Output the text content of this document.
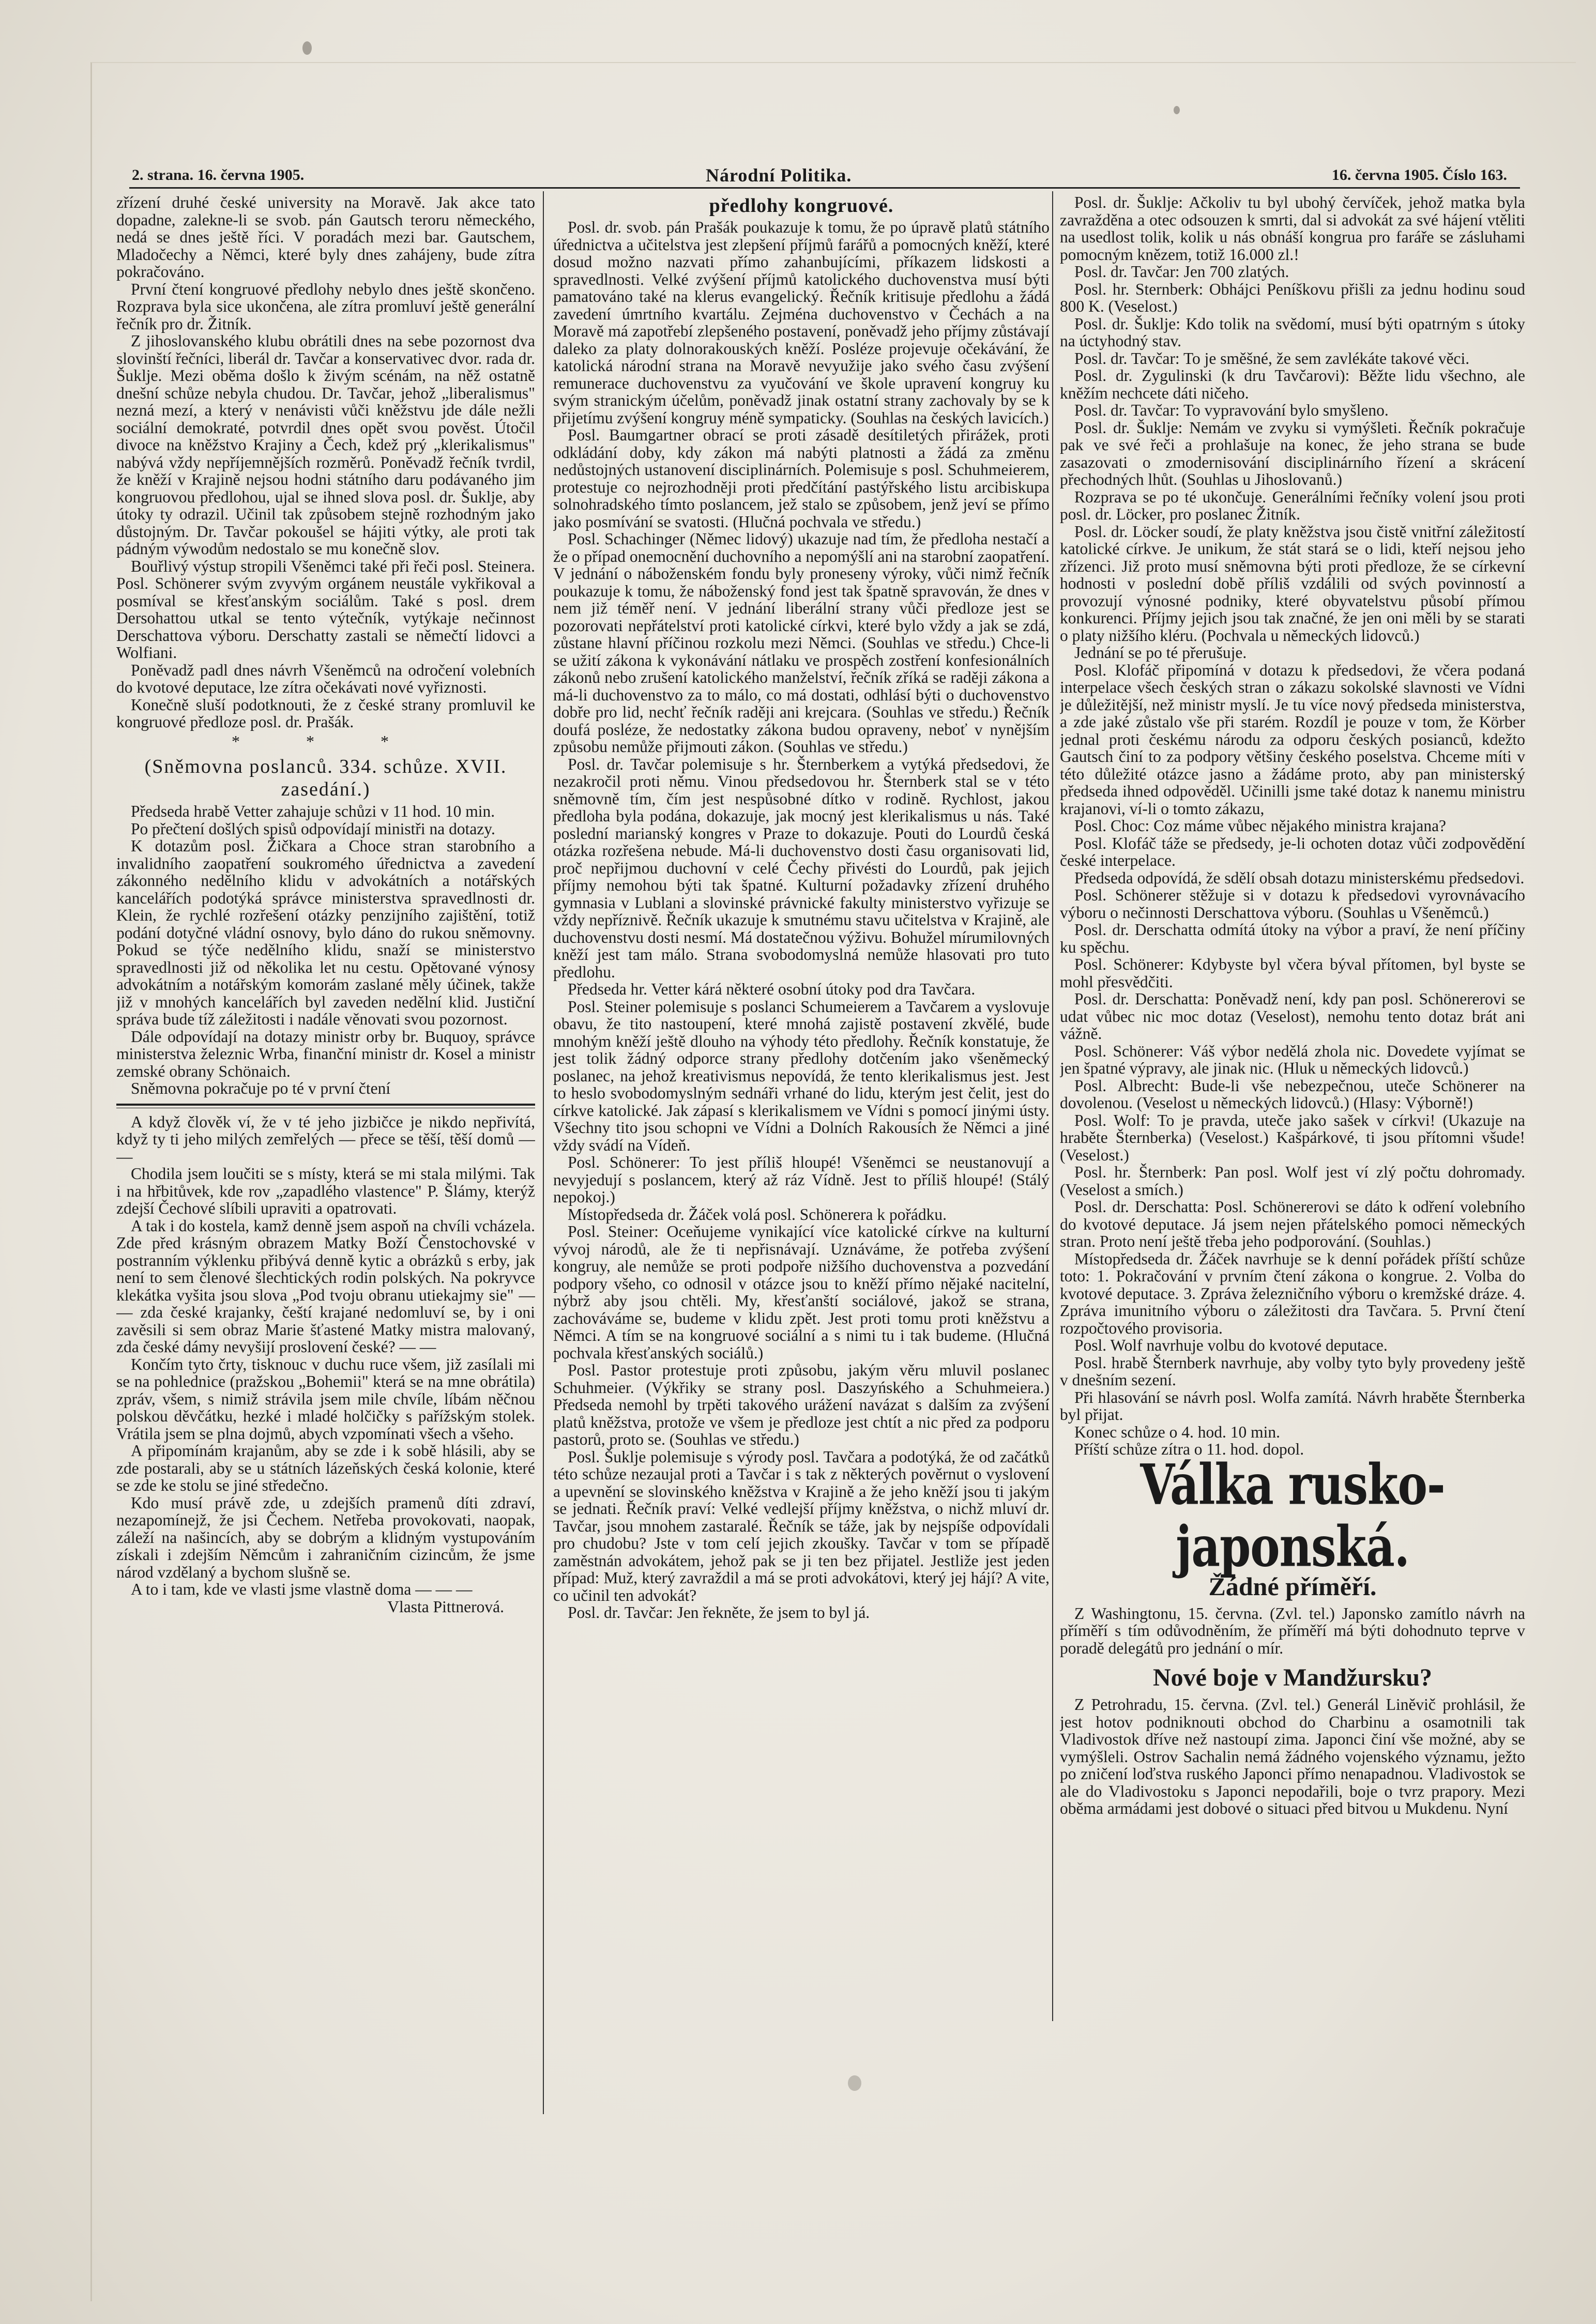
2. strana. 16. června 1905.	Národní Politika.	16. června 1905. Číslo 163.

zřízení druhé české university na Moravě. Jak akce tato dopadne, zalekne-li se svob. pán Gautsch teroru německého, nedá se dnes ještě říci. V poradách mezi bar. Gautschem, Mladočechy a Němci, které byly dnes zahájeny, bude zítra pokračováno.

První čtení kongruové předlohy nebylo dnes ještě skončeno. Rozprava byla sice ukončena, ale zítra promluví ještě generální řečník pro dr. Žitník.

Z jihoslovanského klubu obrátili dnes na sebe pozornost dva slovinští řečníci, liberál dr. Tavčar a konservativec dvor. rada dr. Šuklje. Mezi oběma došlo k živým scénám, na něž ostatně dnešní schůze nebyla chudou. Dr. Tavčar, jehož „liberalismus" nezná mezí, a který v nenávisti vůči kněžstvu jde dále nežli sociální demokraté, potvrdil dnes opět svou pověst. Útočil divoce na kněžstvo Krajiny a Čech, kdež prý „klerikalismus" nabývá vždy nepříjemnějších rozměrů. Poněvadž řečník tvrdil, že kněží v Krajině nejsou hodni státního daru podávaného jim kongruovou předlohou, ujal se ihned slova posl. dr. Šuklje, aby útoky ty odrazil. Učinil tak způsobem stejně rozhodným jako důstojným. Dr. Tavčar pokoušel se hájiti výtky, ale proti tak pádným výwodům nedostalo se mu konečně slov.

Bouřlivý výstup stropili Všeněmci také při řeči posl. Steinera. Posl. Schönerer svým zvyvým orgánem neustále vykřikoval a posmíval se křesťanským sociálům. Také s posl. drem Dersohattou utkal se tento výtečník, vytýkaje nečinnost Derschattova výboru. Derschatty zastali se němečtí lidovci a Wolfiani.

Poněvadž padl dnes návrh Všeněmců na odročení volebních do kvotové deputace, lze zítra očekávati nové vyřiznosti.

Konečně sluší podotknouti, že z české strany promluvil ke kongruové předloze posl. dr. Prašák.

* * *
(Sněmovna poslanců. 334. schůze. XVII. zasedání.)

Předseda hrabě Vetter zahajuje schůzi v 11 hod. 10 min.

Po přečtení došlých spisů odpovídají ministři na dotazy.

K dotazům posl. Žičkara a Choce stran starobního a invalidního zaopatření soukromého úřednictva a zavedení zákonného nedělního klidu v advokátních a notářských kancelářích podotýká správce ministerstva spravedlnosti dr. Klein, že rychlé rozřešení otázky penzijního zajištění, totiž podání dotyčné vládní osnovy, bylo dáno do rukou sněmovny. Pokud se týče nedělního klidu, snaží se ministerstvo spravedlnosti již od několika let nu cestu. Opětované výnosy advokátním a notářským komorám zaslané měly účinek, takže již v mnohých kancelářích byl zaveden nedělní klid. Justiční správa bude tíž záležitosti i nadále věnovati svou pozornost.

Dále odpovídají na dotazy ministr orby br. Buquoy, správce ministerstva železnic Wrba, finanční ministr dr. Kosel a ministr zemské obrany Schönaich.

Sněmovna pokračuje po té v první čtení

A když člověk ví, že v té jeho jizbičce je nikdo nepřivítá, když ty ti jeho milých zemřelých — přece se těší, těší domů — —

Chodila jsem loučiti se s místy, která se mi stala milými. Tak i na hřbitůvek, kde rov „zapadlého vlastence" P. Šlámy, kterýž zdejší Čechové slíbili upraviti a opatrovati.

A tak i do kostela, kamž denně jsem aspoň na chvíli vcházela. Zde před krásným obrazem Matky Boží Čenstochovské v postranním výklenku přibývá denně kytic a obrázků s erby, jak není to sem členové šlechtických rodin polských. Na pokryvce klekátka vyšita jsou slova „Pod tvoju obranu utiekajmy sie" — — zda české krajanky, čeští krajané nedomluví se, by i oni zavěsili si sem obraz Marie šťastené Matky mistra malovaný, zda české dámy nevyšijí proslovení české? — —

Končím tyto črty, tisknouc v duchu ruce všem, již zasílali mi se na pohlednice (pražskou „Bohemii" která se na mne obrátila) zpráv, všem, s nimiž strávila jsem mile chvíle, líbám něčnou polskou děvčátku, hezké i mladé holčičky s pařížským stolek. Vrátila jsem se plna dojmů, abych vzpomínati všech a všeho.

A připomínám krajanům, aby se zde i k sobě hlásili, aby se zde postarali, aby se u státních lázeňských česká kolonie, které se zde ke stolu se jiné středečno.

Kdo musí právě zde, u zdejších pramenů díti zdraví, nezapomínejž, že jsi Čechem. Netřeba provokovati, naopak, záleží na našincích, aby se dobrým a klidným vystupováním získali i zdejším Němcům i zahraničním cizincům, že jsme národ vzdělaný a bychom slušně se.

A to i tam, kde ve vlasti jsme vlastně doma — — —

Vlasta Pittnerová.

předlohy kongruové.

Posl. dr. svob. pán Prašák poukazuje k tomu, že po úpravě platů státního úřednictva a učitelstva jest zlepšení příjmů farářů a pomocných kněží, které dosud možno nazvati přímo zahanbujícími, příkazem lidskosti a spravedlnosti. Velké zvýšení příjmů katolického duchovenstva musí býti pamatováno také na klerus evangelický. Řečník kritisuje předlohu a žádá zavedení úmrtního kvartálu. Zejména duchovenstvo v Čechách a na Moravě má zapotřebí zlepšeného postavení, poněvadž jeho příjmy zůstávají daleko za platy dolnorakouských kněží. Posléze projevuje očekávání, že katolická národní strana na Moravě nevyužije jako svého času zvýšení remunerace duchovenstvu za vyučování ve škole upravení kongruy ku svým stranickým účelům, poněvadž jinak ostatní strany zachovaly by se k přijetímu zvýšení kongruy méně sympaticky. (Souhlas na českých lavicích.)

Posl. Baumgartner obrací se proti zásadě desítiletých přirážek, proti odkládání doby, kdy zákon má nabýti platnosti a žádá za změnu nedůstojných ustanovení disciplinárních. Polemisuje s posl. Schuhmeierem, protestuje co nejrozhodněji proti předčítání pastýřského listu arcibiskupa solnohradského tímto poslancem, jež stalo se způsobem, jenž jeví se přímo jako posmívání se svatosti. (Hlučná pochvala ve středu.)

Posl. Schachinger (Němec lidový) ukazuje nad tím, že předloha nestačí a že o případ onemocnění duchovního a nepomýšlí ani na starobní zaopatření. V jednání o náboženském fondu byly proneseny výroky, vůči nimž řečník poukazuje k tomu, že náboženský fond jest tak špatně spravován, že dnes v nem již téměř není. V jednání liberální strany vůči předloze jest se pozorovati nepřátelství proti katolické církvi, které bylo vždy a jak se zdá, zůstane hlavní příčinou rozkolu mezi Němci. (Souhlas ve středu.) Chce-li se užití zákona k vykonávání nátlaku ve prospěch zostření konfesionálních zákonů nebo zrušení katolického manželství, řečník zříká se raději zákona a má-li duchovenstvo za to málo, co má dostati, odhlásí býti o duchovenstvo dobře pro lid, nechť řečník raději ani krejcara. (Souhlas ve středu.) Řečník doufá posléze, že nedostatky zákona budou opraveny, neboť v nynějším způsobu nemůže přijmouti zákon. (Souhlas ve středu.)

Posl. dr. Tavčar polemisuje s hr. Šternberkem a vytýká předsedovi, že nezakročil proti němu. Vinou předsedovou hr. Šternberk stal se v této sněmovně tím, čím jest nespůsobné dítko v rodině. Rychlost, jakou předloha byla podána, dokazuje, jak mocný jest klerikalismus u nás. Také poslední marianský kongres v Praze to dokazuje. Pouti do Lourdů česká otázka rozřešena nebude. Má-li duchovenstvo dosti času organisovati lid, proč nepřijmou duchovní v celé Čechy přivésti do Lourdů, pak jejich příjmy nemohou býti tak špatné. Kulturní požadavky zřízení druhého gymnasia v Lublani a slovinské právnické fakulty ministerstvo vyřizuje se vždy nepříznivě. Řečník ukazuje k smutnému stavu učitelstva v Krajině, ale duchovenstvu dosti nesmí. Má dostatečnou výživu. Bohužel mírumilovných kněží jest tam málo. Strana svobodomyslná nemůže hlasovati pro tuto předlohu.

Předseda hr. Vetter kárá některé osobní útoky pod dra Tavčara.

Posl. Steiner polemisuje s poslanci Schumeierem a Tavčarem a vyslovuje obavu, že tito nastoupení, které mnohá zajistě postavení zkvělé, bude mnohým kněží ještě dlouho na výhody této předlohy. Řečník konstatuje, že jest tolik žádný odporce strany předlohy dotčením jako všeněmecký poslanec, na jehož kreativismus nepovídá, že tento klerikalismus jest. Jest to heslo svobodomyslným sednáři vrhané do lidu, kterým jest čelit, jest do církve katolické. Jak zápasí s klerikalismem ve Vídni s pomocí jinými ústy. Všechny tito jsou schopni ve Vídni a Dolních Rakousích že Němci a jiné vždy svádí na Vídeň.

Posl. Schönerer: To jest příliš hloupé! Všeněmci se neustanovují a nevyjedují s poslancem, který až ráz Vídně. Jest to příliš hloupé! (Stálý nepokoj.)

Místopředseda dr. Žáček volá posl. Schönerera k pořádku.

Posl. Steiner: Oceňujeme vynikající více katolické církve na kulturní vývoj národů, ale že ti nepřisnávají. Uznáváme, že potřeba zvýšení kongruy, ale nemůže se proti podpoře nižšího duchovenstva a pozvedání podpory všeho, co odnosil v otázce jsou to kněží přímo nějaké nacitelní, nýbrž aby jsou chtěli. My, křesťanští sociálové, jakož se strana, zachováváme se, budeme v klidu zpět. Jest proti tomu proti kněžstvu a Němci. A tím se na kongruové sociální a s nimi tu i tak budeme. (Hlučná pochvala křesťanských sociálů.)

Posl. Pastor protestuje proti způsobu, jakým věru mluvil poslanec Schuhmeier. (Výkřiky se strany posl. Daszyńského a Schuhmeiera.) Předseda nemohl by trpěti takového urážení navázat s dalším za zvýšení platů kněžstva, protože ve všem je předloze jest chtít a nic před za podporu pastorů, proto se. (Souhlas ve středu.)

Posl. Šuklje polemisuje s výrody posl. Tavčara a podotýká, že od začátků této schůze nezaujal proti a Tavčar i s tak z některých pověrnut o vyslovení a upevnění se slovinského kněžstva v Krajině a že jeho kněží jsou ti jakým se jednati. Řečník praví: Velké vedlejší příjmy kněžstva, o nichž mluví dr. Tavčar, jsou mnohem zastaralé. Řečník se táže, jak by nejspíše odpovídali pro chudobu? Jste v tom celí jejich zkoušky. Tavčar v tom se případě zaměstnán advokátem, jehož pak se ji ten bez přijatel. Jestliže jest jeden případ: Muž, který zavraždil a má se proti advokátovi, který jej hájí? A vite, co učinil ten advokát?

Posl. dr. Tavčar: Jen řekněte, že jsem to byl já.

Posl. dr. Šuklje: Ačkoliv tu byl ubohý červíček, jehož matka byla zavražděna a otec odsouzen k smrti, dal si advokát za své hájení vtěliti na usedlost tolik, kolik u nás obnáší kongrua pro faráře se zásluhami pomocným knězem, totiž 16.000 zl.!

Posl. dr. Tavčar: Jen 700 zlatých.

Posl. hr. Sternberk: Obhájci Peníškovu přišli za jednu hodinu soud 800 K. (Veselost.)

Posl. dr. Šuklje: Kdo tolik na svědomí, musí býti opatrným s útoky na úctyhodný stav.

Posl. dr. Tavčar: To je směšné, že sem zavlékáte takové věci.

Posl. dr. Zygulinski (k dru Tavčarovi): Běžte lidu všechno, ale kněžím nechcete dáti ničeho.

Posl. dr. Tavčar: To vypravování bylo smyšleno.

Posl. dr. Šuklje: Nemám ve zvyku si vymýšleti. Řečník pokračuje pak ve své řeči a prohlašuje na konec, že jeho strana se bude zasazovati o zmodernisování disciplinárního řízení a skrácení přechodných lhůt. (Souhlas u Jihoslovanů.)

Rozprava se po té ukončuje. Generálními řečníky volení jsou proti posl. dr. Löcker, pro poslanec Žitník.

Posl. dr. Löcker soudí, že platy kněžstva jsou čistě vnitřní záležitostí katolické církve. Je unikum, že stát stará se o lidi, kteří nejsou jeho zřízenci. Již proto musí sněmovna býti proti předloze, že se církevní hodnosti v poslední době příliš vzdálili od svých povinností a provozují výnosné podniky, které obyvatelstvu působí přímou konkurenci. Příjmy jejich jsou tak značné, že jen oni měli by se starati o platy nižšího kléru. (Pochvala u německých lidovců.)

Jednání se po té přerušuje.

Posl. Klofáč připomíná v dotazu k předsedovi, že včera podaná interpelace všech českých stran o zákazu sokolské slavnosti ve Vídni je důležitější, než ministr myslí. Je tu více nový předseda ministerstva, a zde jaké zůstalo vše při starém. Rozdíl je pouze v tom, že Körber jednal proti českému národu za odporu českých posianců, kdežto Gautsch činí to za podpory většiny českého poselstva. Chceme míti v této důležité otázce jasno a žádáme proto, aby pan ministerský předseda ihned odpověděl. Učinilli jsme také dotaz k nanemu ministru krajanovi, ví-li o tomto zákazu,

Posl. Choc: Coz máme vůbec nějakého ministra krajana?

Posl. Klofáč táže se předsedy, je-li ochoten dotaz vůči zodpovědění české interpelace.

Předseda odpovídá, že sdělí obsah dotazu ministerskému předsedovi.

Posl. Schönerer stěžuje si v dotazu k předsedovi vyrovnávacího výboru o nečinnosti Derschattova výboru. (Souhlas u Všeněmců.)

Posl. dr. Derschatta odmítá útoky na výbor a praví, že není příčiny ku spěchu.

Posl. Schönerer: Kdybyste byl včera býval přítomen, byl byste se mohl přesvědčiti.

Posl. dr. Derschatta: Poněvadž není, kdy pan posl. Schönererovi se udat vůbec nic moc dotaz (Veselost), nemohu tento dotaz brát ani vážně.

Posl. Schönerer: Váš výbor nedělá zhola nic. Dovedete vyjímat se jen špatné výpravy, ale jinak nic. (Hluk u německých lidovců.)

Posl. Albrecht: Bude-li vše nebezpečnou, uteče Schönerer na dovolenou. (Veselost u německých lidovců.) (Hlasy: Výborně!)

Posl. Wolf: To je pravda, uteče jako sašek v církvi! (Ukazuje na hraběte Šternberka) (Veselost.) Kašpárkové, ti jsou přítomni všude! (Veselost.)

Posl. hr. Šternberk: Pan posl. Wolf jest ví zlý počtu dohromady. (Veselost a smích.)

Posl. dr. Derschatta: Posl. Schönererovi se dáto k odření volebního do kvotové deputace. Já jsem nejen přátelského pomoci německých stran. Proto není ještě třeba jeho podporování. (Souhlas.)

Místopředseda dr. Žáček navrhuje se k denní pořádek příští schůze toto: 1. Pokračování v prvním čtení zákona o kongrue. 2. Volba do kvotové deputace. 3. Zpráva železničního výboru o kremžské dráze. 4. Zpráva imunitního výboru o záležitosti dra Tavčara. 5. První čtení rozpočtového provisoria.

Posl. Wolf navrhuje volbu do kvotové deputace.

Posl. hrabě Šternberk navrhuje, aby volby tyto byly provedeny ještě v dnešním sezení.

Při hlasování se návrh posl. Wolfa zamítá. Návrh hraběte Šternberka byl přijat.

Konec schůze o 4. hod. 10 min.

Příští schůze zítra o 11. hod. dopol.

Válka rusko-japonská.
Žádné příměří.

Z Washingtonu, 15. června. (Zvl. tel.) Japonsko zamítlo návrh na příměří s tím odůvodněním, že příměří má býti dohodnuto teprve v poradě delegátů pro jednání o mír.

Nové boje v Mandžursku?

Z Petrohradu, 15. června. (Zvl. tel.) Generál Liněvič prohlásil, že jest hotov podniknouti obchod do Charbinu a osamotnili tak Vladivostok dříve než nastoupí zima. Japonci činí vše možné, aby se vymýšleli. Ostrov Sachalin nemá žádného vojenského významu, ježto po zničení loďstva ruského Japonci přímo nenapadnou. Vladivostok se ale do Vladivostoku s Japonci nepodařili, boje o tvrz prapory. Mezi oběma armádami jest dobové o situaci před bitvou u Mukdenu. Nyní
